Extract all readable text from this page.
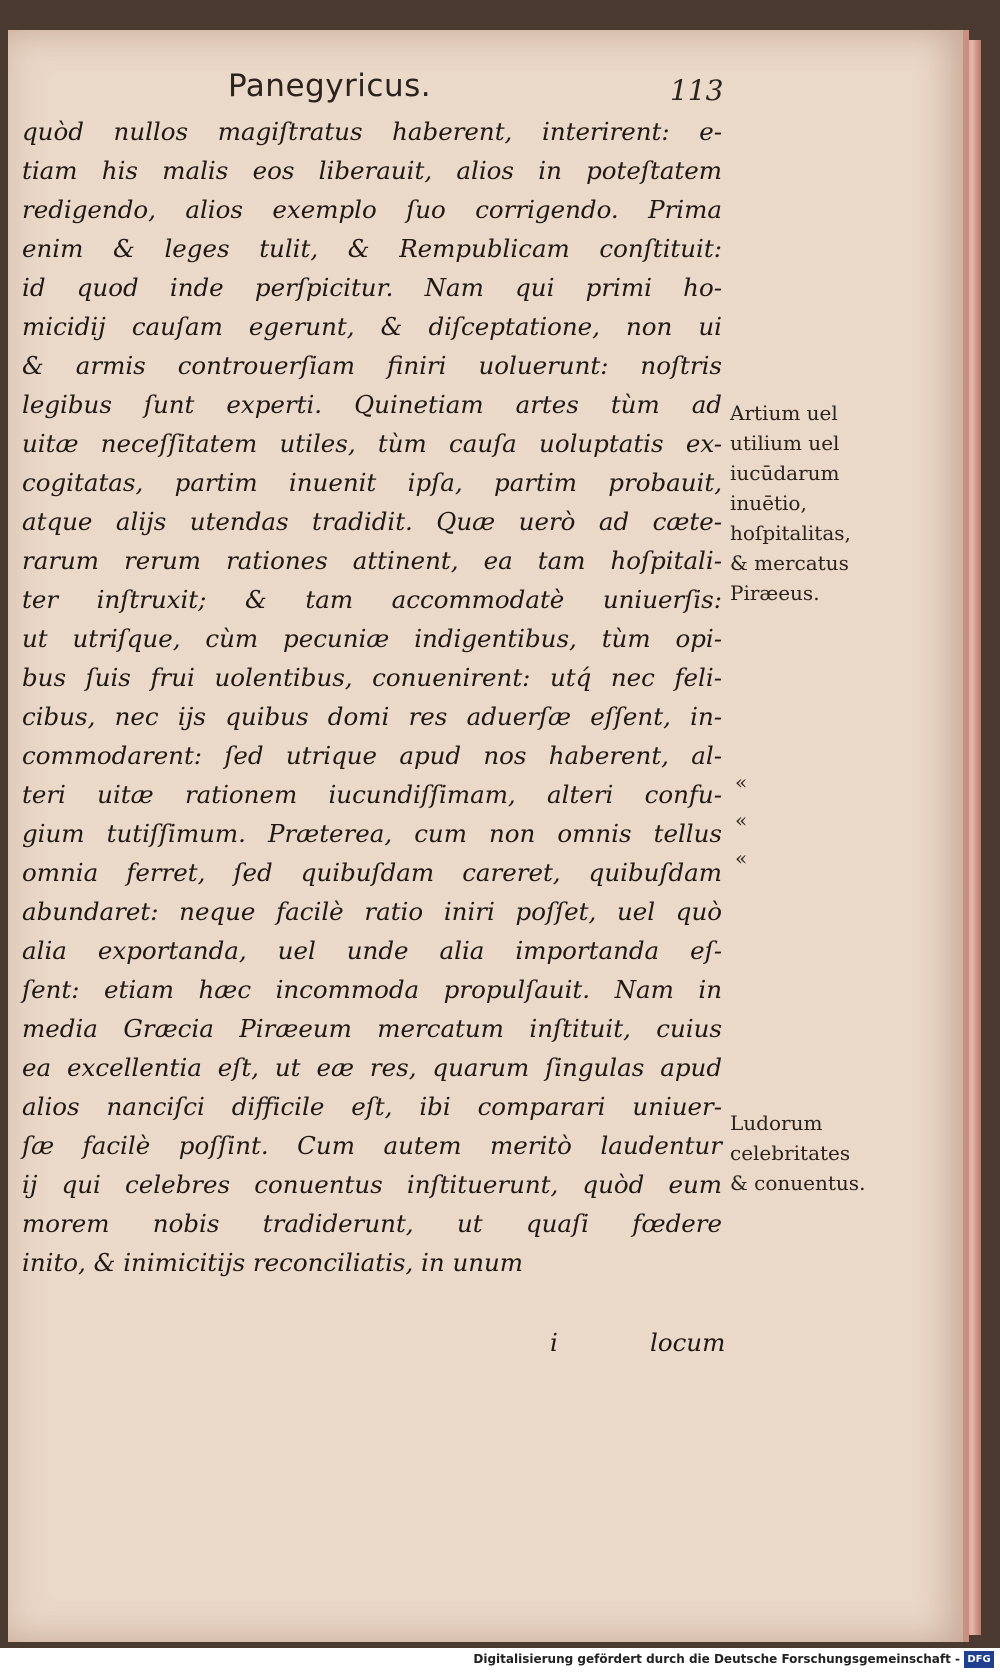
Panegyricus.	113
quòd nullos magiſtratus haberent, interirent: e-
tiam his malis eos liberauit, alios in poteſtatem
redigendo, alios exemplo ſuo corrigendo. Prima
enim & leges tulit, & Rempublicam conſtituit:
id quod inde perſpicitur. Nam qui primi ho-
micidij cauſam egerunt, & diſceptatione, non ui
& armis controuerſiam finiri uoluerunt: noſtris
legibus ſunt experti. Quinetiam artes tùm ad
uitæ neceſſitatem utiles, tùm cauſa uoluptatis ex-
cogitatas, partim inuenit ipſa, partim probauit,
atque alijs utendas tradidit. Quæ uerò ad cæte-
rarum rerum rationes attinent, ea tam hoſpitali-
ter inſtruxit; & tam accommodatè uniuerſis:
ut utriſque, cùm pecuniæ indigentibus, tùm opi-
bus ſuis frui uolentibus, conuenirent: utq́ nec feli-
cibus, nec ijs quibus domi res aduerſæ eſſent, in-
commodarent: ſed utrique apud nos haberent, al-
teri uitæ rationem iucundiſſimam, alteri confu-
gium tutiſſimum. Præterea, cum non omnis tellus
omnia ferret, ſed quibuſdam careret, quibuſdam
abundaret: neque facilè ratio iniri poſſet, uel quò
alia exportanda, uel unde alia importanda eſ-
ſent: etiam hæc incommoda propulſauit. Nam in
media Græcia Piræeum mercatum inſtituit, cuius
ea excellentia eſt, ut eæ res, quarum ſingulas apud
alios nanciſci difficile eſt, ibi comparari uniuer-
ſæ facilè poſſint. Cum autem meritò laudentur
ij qui celebres conuentus inſtituerunt, quòd eum
morem nobis tradiderunt, ut quaſi fœdere
inito, & inimicitijs reconciliatis, in unum
i	locum
Artium uel utilium uel iucūdarum inuētio, hoſpitalitas, & mercatus Piræeus.
Ludorum celebritates & conuentus.
«
«
«
Digitalisierung gefördert durch die Deutsche Forschungsgemeinschaft - DFG
